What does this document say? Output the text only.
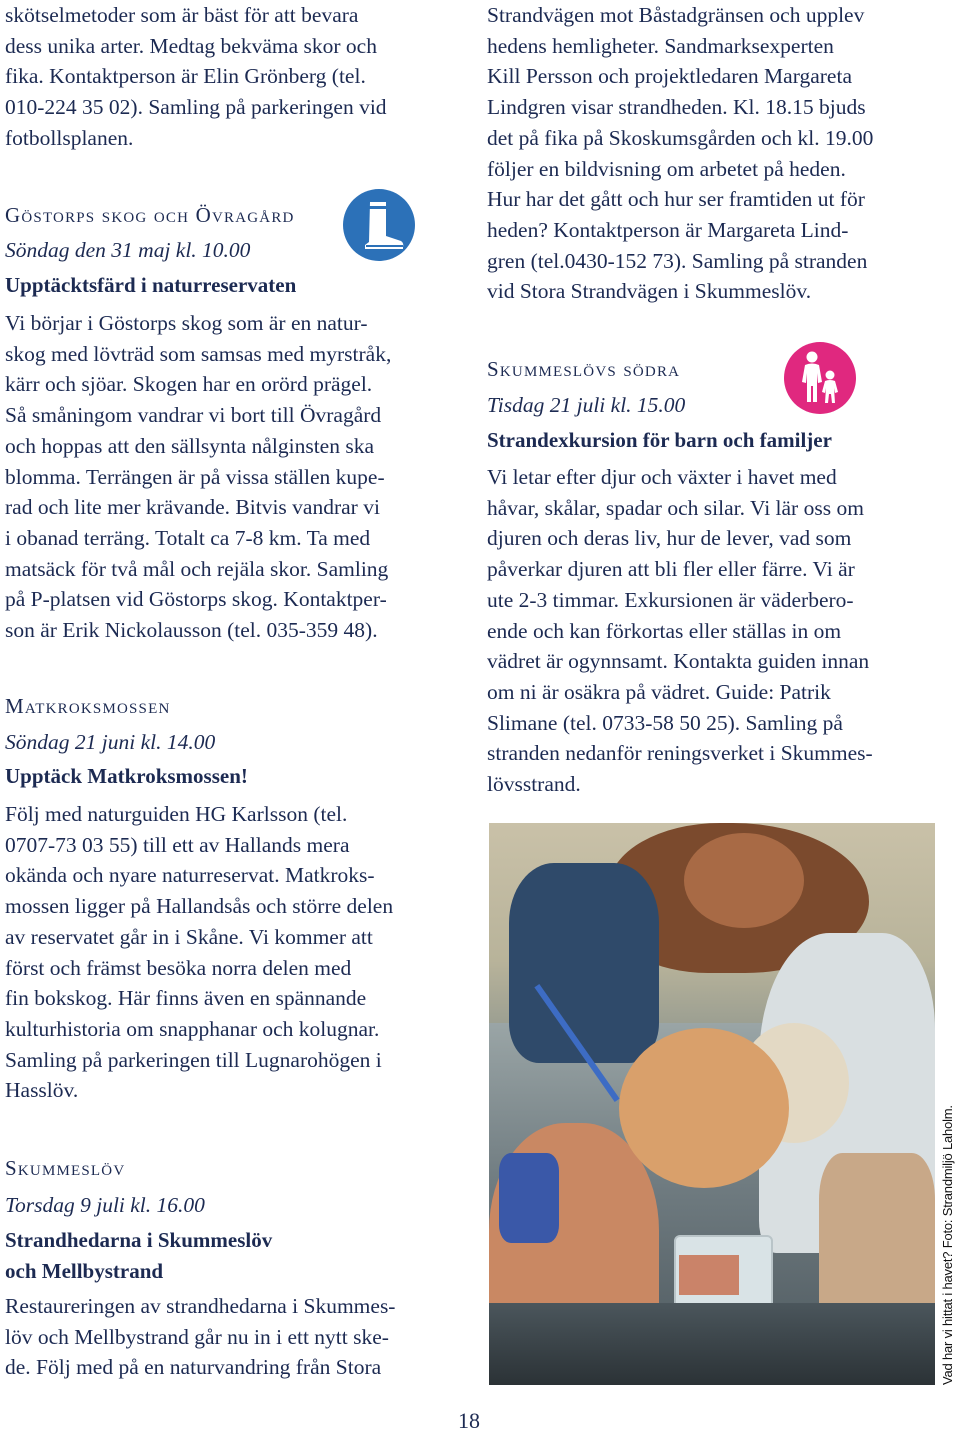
skötselmetoder som är bäst för att bevara
dess unika arter. Medtag bekväma skor och
fika. Kontaktperson är Elin Grönberg (tel.
010-224 35 02). Samling på parkeringen vid
fotbollsplanen.
Göstorps skog och Övragård
Söndag den 31 maj kl. 10.00
Upptäcktsfärd i naturreservaten
Vi börjar i Göstorps skog som är en natur-
skog med lövträd som samsas med myrstråk,
kärr och sjöar. Skogen har en orörd prägel.
Så småningom vandrar vi bort till Övragård
och hoppas att den sällsynta nålginsten ska
blomma. Terrängen är på vissa ställen kupe-
rad och lite mer krävande. Bitvis vandrar vi
i obanad terräng. Totalt ca 7-8 km. Ta med
matsäck för två mål och rejäla skor. Samling
på P-platsen vid Göstorps skog. Kontaktper-
son är Erik Nickolausson (tel. 035-359 48).
Matkroksmossen
Söndag 21 juni kl. 14.00
Upptäck Matkroksmossen!
Följ med naturguiden HG Karlsson (tel.
0707-73 03 55) till ett av Hallands mera
okända och nyare naturreservat. Matkroks-
mossen ligger på Hallandsås och större delen
av reservatet går in i Skåne. Vi kommer att
först och främst besöka norra delen med
fin bokskog. Här finns även en spännande
kulturhistoria om snapphanar och kolugnar.
Samling på parkeringen till Lugnarohögen i
Hasslöv.
Skummeslöv
Torsdag 9 juli kl. 16.00
Strandhedarna i Skummeslöv
och Mellbystrand
Restaureringen av strandhedarna i Skummes-
löv och Mellbystrand går nu in i ett nytt ske-
de. Följ med på en naturvandring från Stora
Strandvägen mot Båstadgränsen och upplev
hedens hemligheter. Sandmarksexperten
Kill Persson och projektledaren Margareta
Lindgren visar strandheden. Kl. 18.15 bjuds
det på fika på Skoskumsgården och kl. 19.00
följer en bildvisning om arbetet på heden.
Hur har det gått och hur ser framtiden ut för
heden? Kontaktperson är Margareta Lind-
gren (tel.0430-152 73). Samling på stranden
vid Stora Strandvägen i Skummeslöv.
Skummeslövs södra
Tisdag 21 juli kl. 15.00
Strandexkursion för barn och familjer
Vi letar efter djur och växter i havet med
håvar, skålar, spadar och silar. Vi lär oss om
djuren och deras liv, hur de lever, vad som
påverkar djuren att bli fler eller färre. Vi är
ute 2-3 timmar. Exkursionen är väderbero-
ende och kan förkortas eller ställas in om
vädret är ogynnsamt. Kontakta guiden innan
om ni är osäkra på vädret. Guide: Patrik
Slimane (tel. 0733-58 50 25). Samling på
stranden nedanför reningsverket i Skummes-
lövsstrand.
Vad har vi hittat i havet? Foto: Strandmiljö Laholm.
18
